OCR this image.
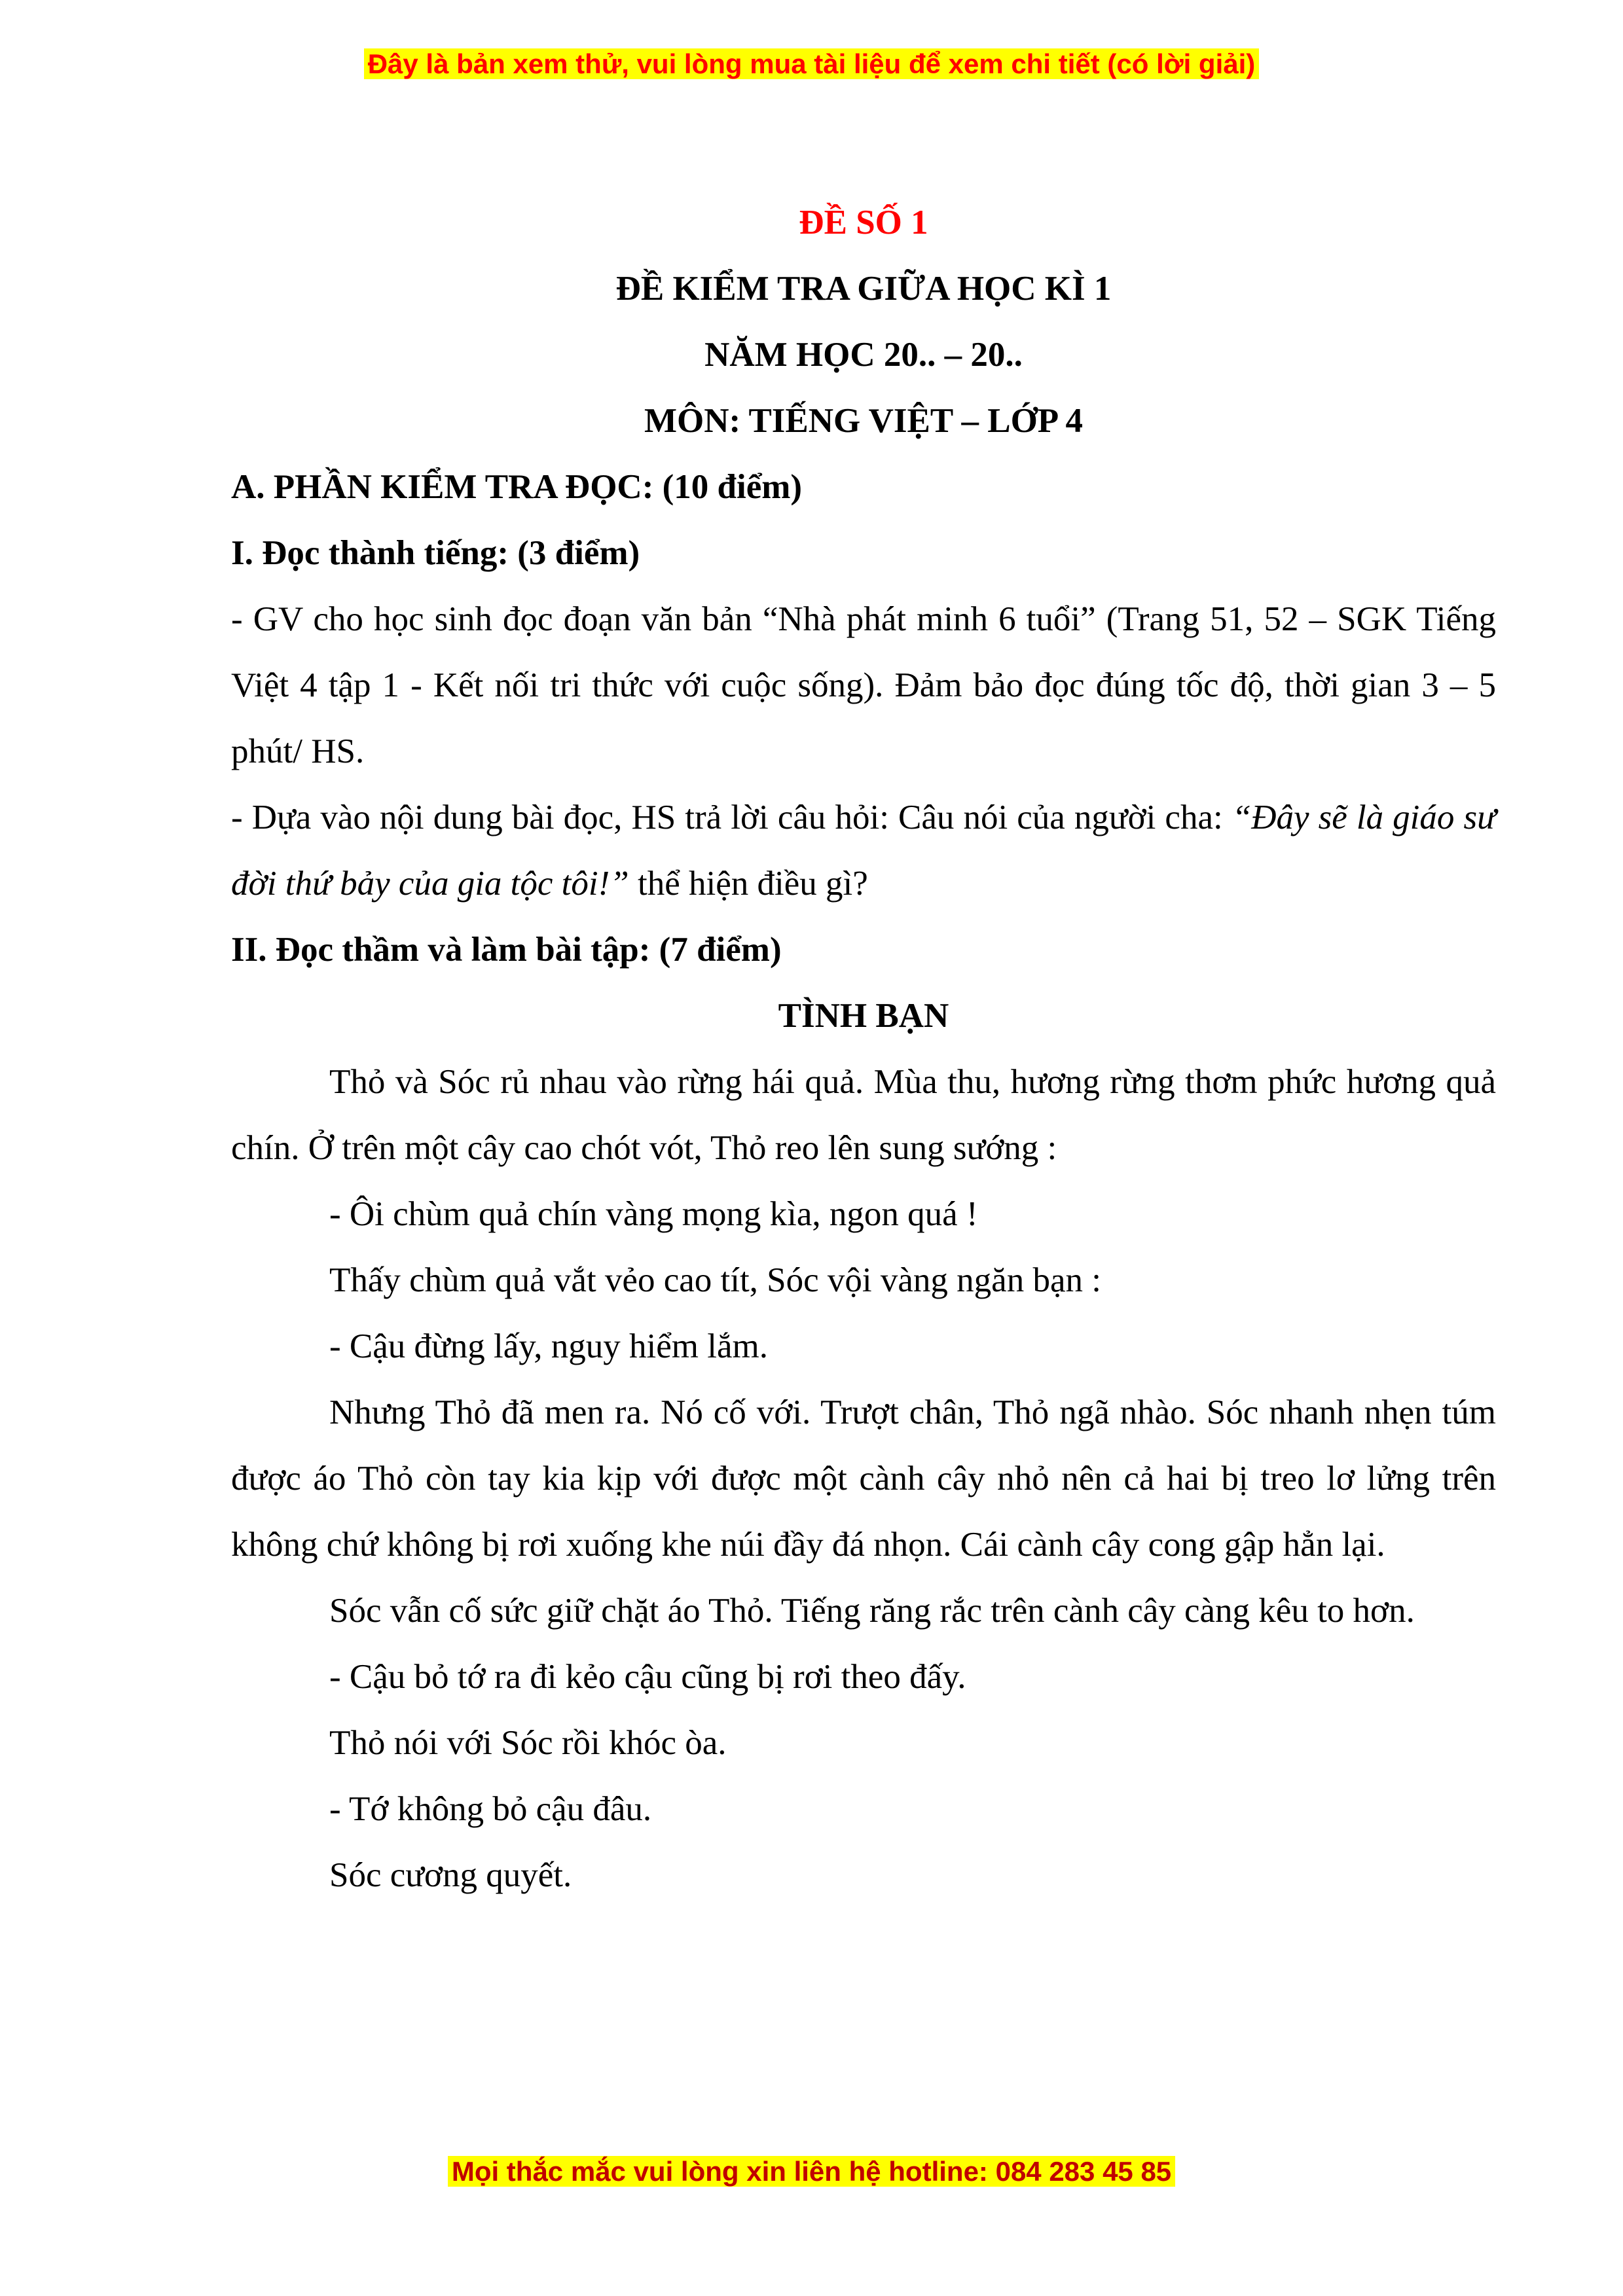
Đây là bản xem thử, vui lòng mua tài liệu để xem chi tiết (có lời giải)

ĐỀ SỐ 1

ĐỀ KIỂM TRA GIỮA HỌC KÌ 1

NĂM HỌC 20.. – 20..

MÔN: TIẾNG VIỆT – LỚP 4

A. PHẦN KIỂM TRA ĐỌC: (10 điểm)

I. Đọc thành tiếng: (3 điểm)

- GV cho học sinh đọc đoạn văn bản “Nhà phát minh 6 tuổi” (Trang 51, 52 – SGK Tiếng Việt 4 tập 1 - Kết nối tri thức với cuộc sống). Đảm bảo đọc đúng tốc độ, thời gian 3 – 5 phút/ HS.

- Dựa vào nội dung bài đọc, HS trả lời câu hỏi: Câu nói của người cha: “Đây sẽ là giáo sư đời thứ bảy của gia tộc tôi!” thể hiện điều gì?

II. Đọc thầm và làm bài tập: (7 điểm)

TÌNH BẠN

Thỏ và Sóc rủ nhau vào rừng hái quả. Mùa thu, hương rừng thơm phức hương quả chín. Ở trên một cây cao chót vót, Thỏ reo lên sung sướng :

- Ôi chùm quả chín vàng mọng kìa, ngon quá !

Thấy chùm quả vắt vẻo cao tít, Sóc vội vàng ngăn bạn :

- Cậu đừng lấy, nguy hiểm lắm.

Nhưng Thỏ đã men ra. Nó cố với. Trượt chân, Thỏ ngã nhào. Sóc nhanh nhẹn túm được áo Thỏ còn tay kia kịp với được một cành cây nhỏ nên cả hai bị treo lơ lửng trên không chứ không bị rơi xuống khe núi đầy đá nhọn. Cái cành cây cong gập hẳn lại.

Sóc vẫn cố sức giữ chặt áo Thỏ. Tiếng răng rắc trên cành cây càng kêu to hơn.

- Cậu bỏ tớ ra đi kẻo cậu cũng bị rơi theo đấy.

Thỏ nói với Sóc rồi khóc òa.

- Tớ không bỏ cậu đâu.

Sóc cương quyết.

Mọi thắc mắc vui lòng xin liên hệ hotline: 084 283 45 85
